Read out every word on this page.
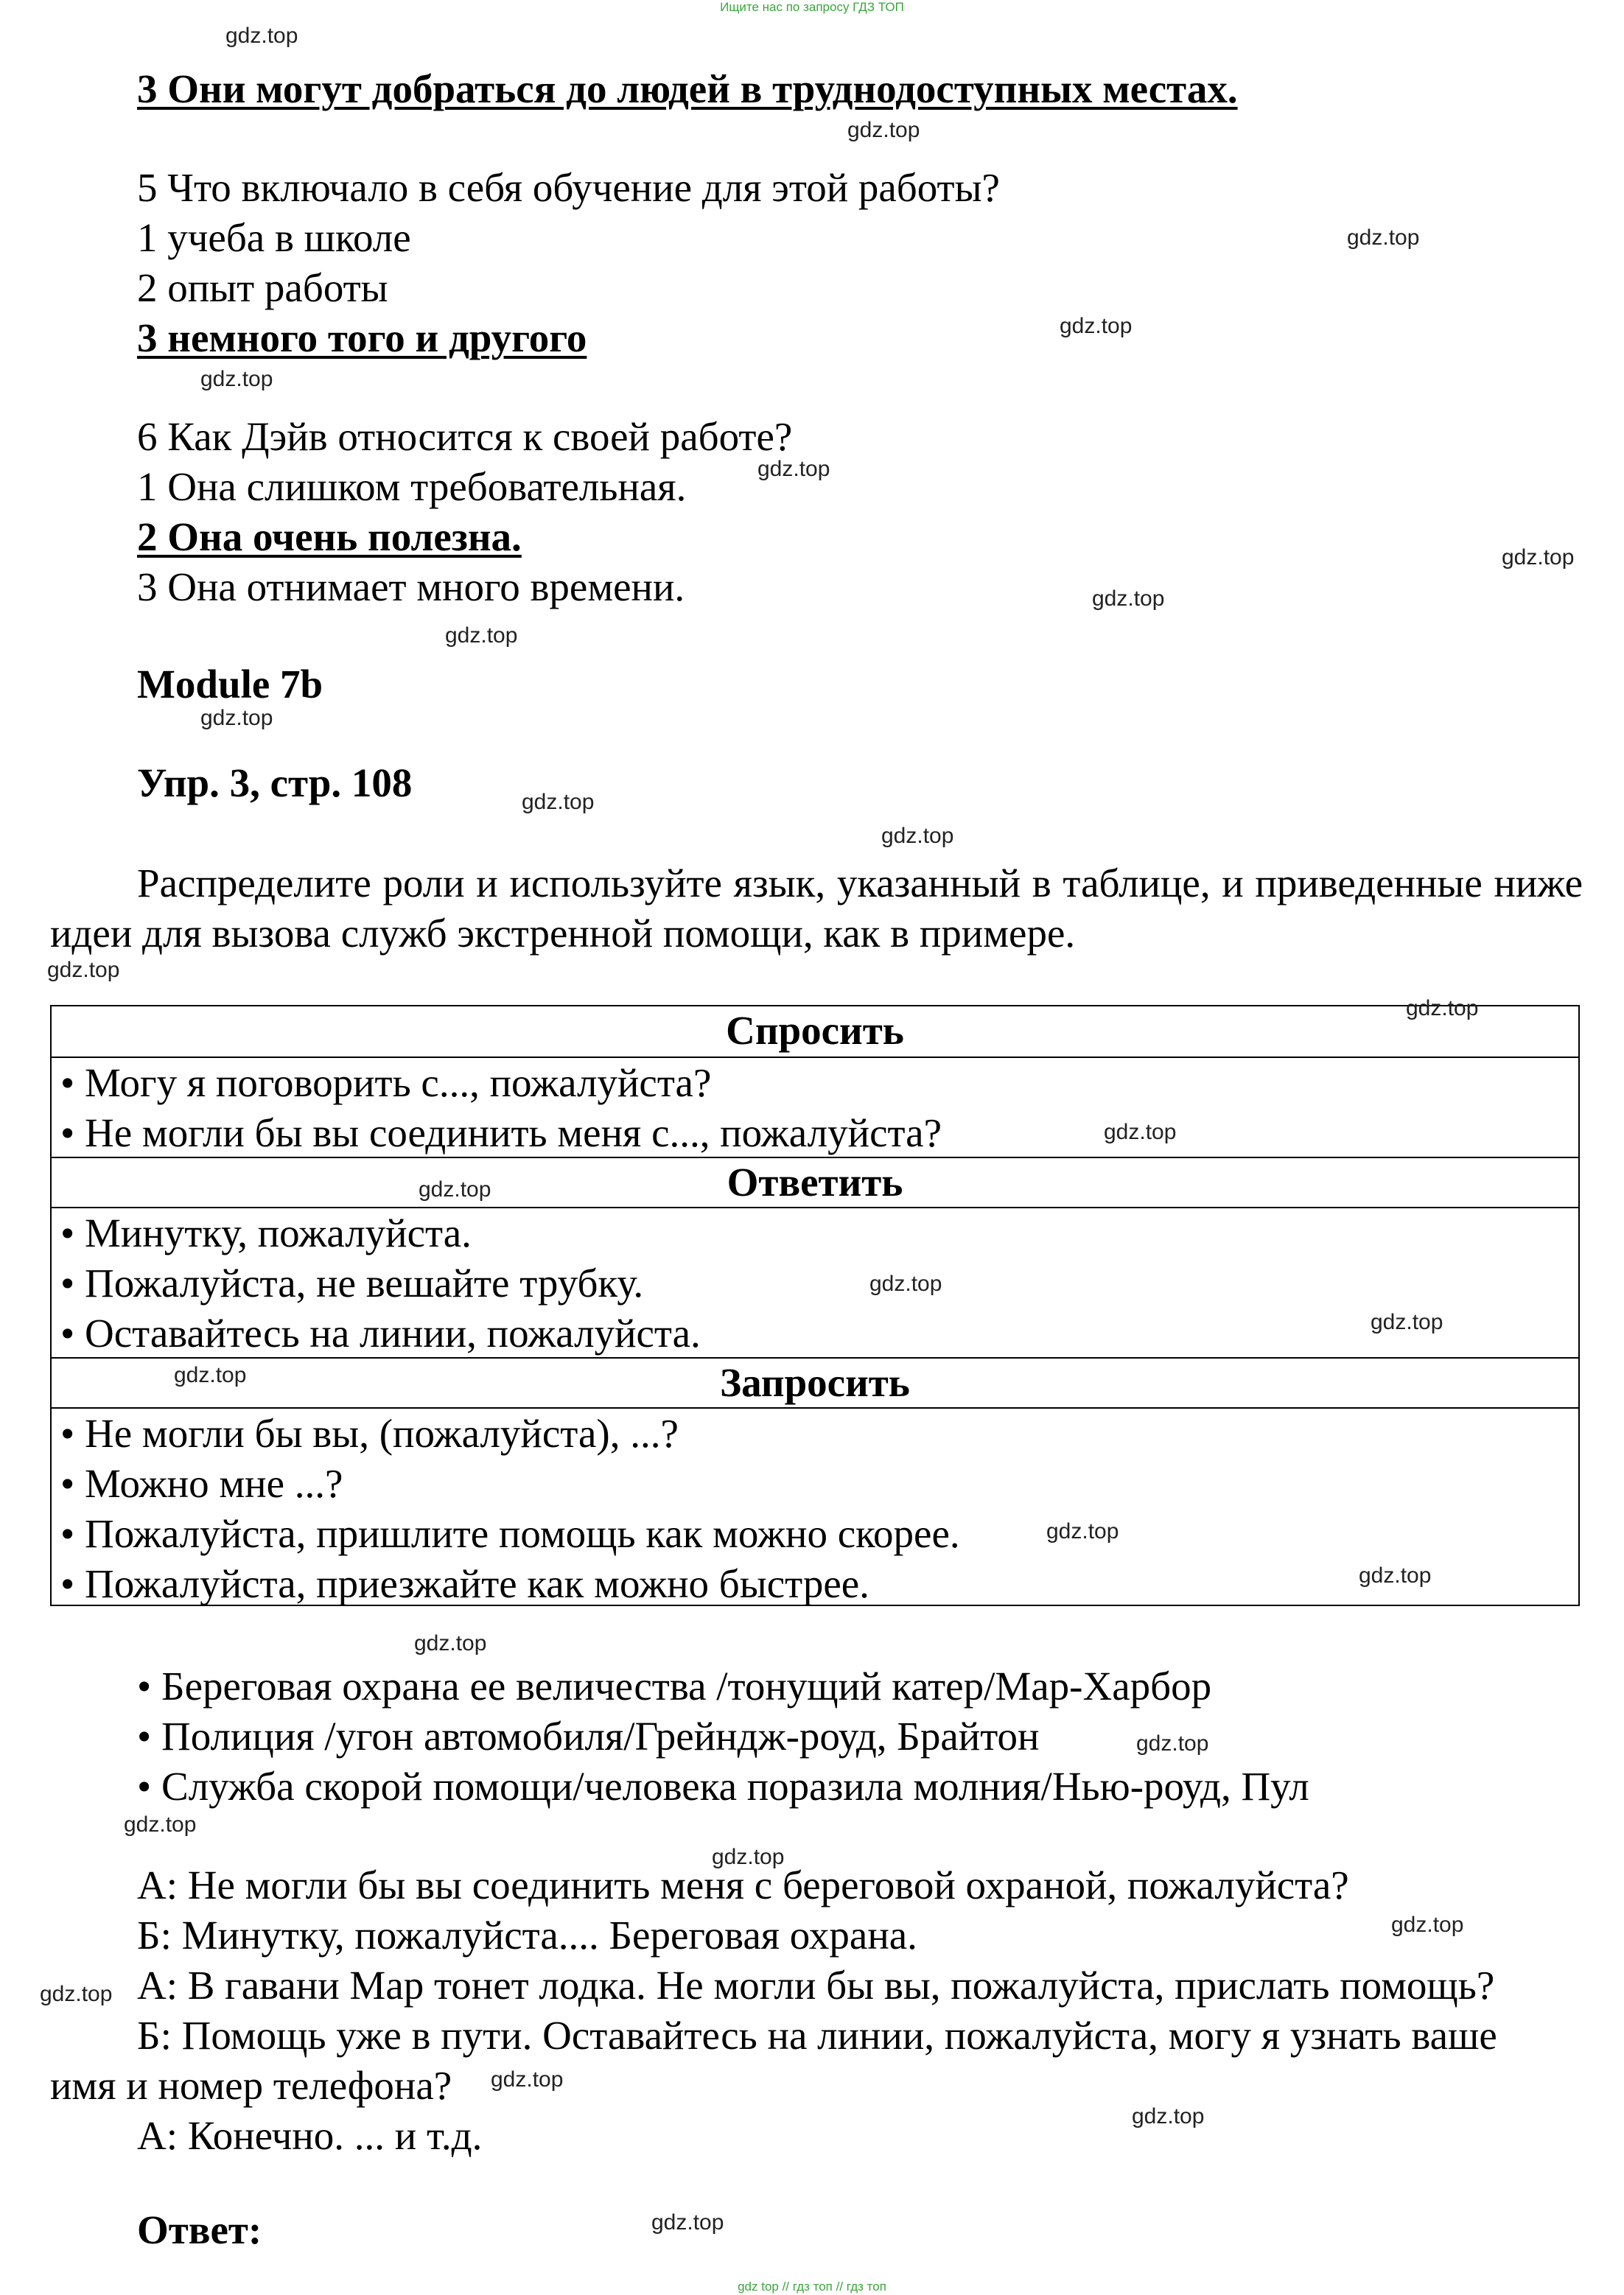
Ищите нас по запросу ГДЗ ТОП
3 Они могут добраться до людей в труднодоступных местах.
5 Что включало в себя обучение для этой работы?
1 учеба в школе
2 опыт работы
3 немного того и другого
6 Как Дэйв относится к своей работе?
1 Она слишком требовательная.
2 Она очень полезна.
3 Она отнимает много времени.
Module 7b
Упр. 3, стр. 108
Распределите роли и используйте язык, указанный в таблице, и приведенные ниже идеи для вызова служб экстренной помощи, как в примере.
Спросить
• Могу я поговорить с..., пожалуйста?
• Не могли бы вы соединить меня с..., пожалуйста?
Ответить
• Минутку, пожалуйста.
• Пожалуйста, не вешайте трубку.
• Оставайтесь на линии, пожалуйста.
Запросить
• Не могли бы вы, (пожалуйста), ...?
• Можно мне ...?
• Пожалуйста, пришлите помощь как можно скорее.
• Пожалуйста, приезжайте как можно быстрее.
• Береговая охрана ее величества /тонущий катер/Мар-Харбор
• Полиция /угон автомобиля/Грейндж-роуд, Брайтон
• Служба скорой помощи/человека поразила молния/Нью-роуд, Пул
А: Не могли бы вы соединить меня с береговой охраной, пожалуйста?
Б: Минутку, пожалуйста.... Береговая охрана.
А: В гавани Мар тонет лодка. Не могли бы вы, пожалуйста, прислать помощь?
Б: Помощь уже в пути. Оставайтесь на линии, пожалуйста, могу я узнать ваше
имя и номер телефона?
А: Конечно. ... и т.д.
Ответ:
gdz.top
gdz.top
gdz.top
gdz.top
gdz.top
gdz.top
gdz.top
gdz.top
gdz.top
gdz.top
gdz.top
gdz.top
gdz.top
gdz.top
gdz.top
gdz.top
gdz.top
gdz.top
gdz.top
gdz.top
gdz.top
gdz.top
gdz.top
gdz.top
gdz.top
gdz.top
gdz.top
gdz.top
gdz.top
gdz.top
gdz top // гдз топ // гдз топ
